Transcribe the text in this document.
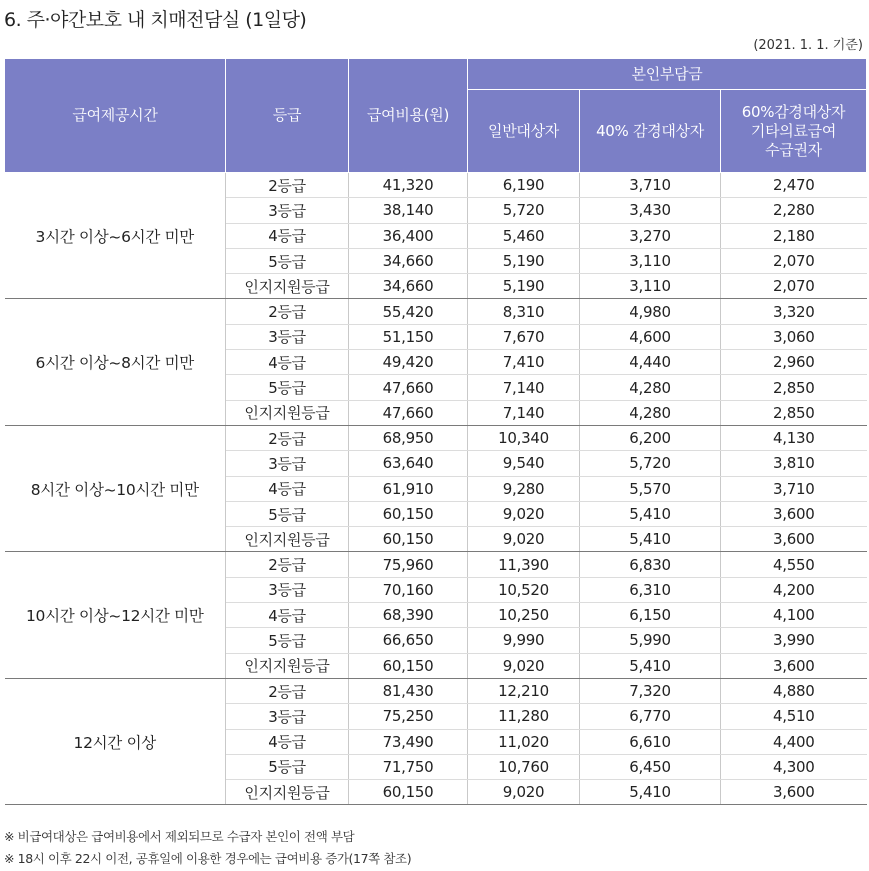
6. 주·야간보호 내 치매전담실 (1일당)
(2021. 1. 1. 기준)
급여제공시간	등급	급여비용(원)	본인부담금		
			일반대상자	40% 감경대상자	60%감경대상자
기타의료급여
수급권자
3시간 이상~6시간 미만	2등급	41,320	6,190	3,710	2,470
	3등급	38,140	5,720	3,430	2,280
	4등급	36,400	5,460	3,270	2,180
	5등급	34,660	5,190	3,110	2,070
	인지지원등급	34,660	5,190	3,110	2,070
6시간 이상~8시간 미만	2등급	55,420	8,310	4,980	3,320
	3등급	51,150	7,670	4,600	3,060
	4등급	49,420	7,410	4,440	2,960
	5등급	47,660	7,140	4,280	2,850
	인지지원등급	47,660	7,140	4,280	2,850
8시간 이상~10시간 미만	2등급	68,950	10,340	6,200	4,130
	3등급	63,640	9,540	5,720	3,810
	4등급	61,910	9,280	5,570	3,710
	5등급	60,150	9,020	5,410	3,600
	인지지원등급	60,150	9,020	5,410	3,600
10시간 이상~12시간 미만	2등급	75,960	11,390	6,830	4,550
	3등급	70,160	10,520	6,310	4,200
	4등급	68,390	10,250	6,150	4,100
	5등급	66,650	9,990	5,990	3,990
	인지지원등급	60,150	9,020	5,410	3,600
12시간 이상	2등급	81,430	12,210	7,320	4,880
	3등급	75,250	11,280	6,770	4,510
	4등급	73,490	11,020	6,610	4,400
	5등급	71,750	10,760	6,450	4,300
	인지지원등급	60,150	9,020	5,410	3,600
※ 비급여대상은 급여비용에서 제외되므로 수급자 본인이 전액 부담
※ 18시 이후 22시 이전, 공휴일에 이용한 경우에는 급여비용 증가(17쪽 참조)
